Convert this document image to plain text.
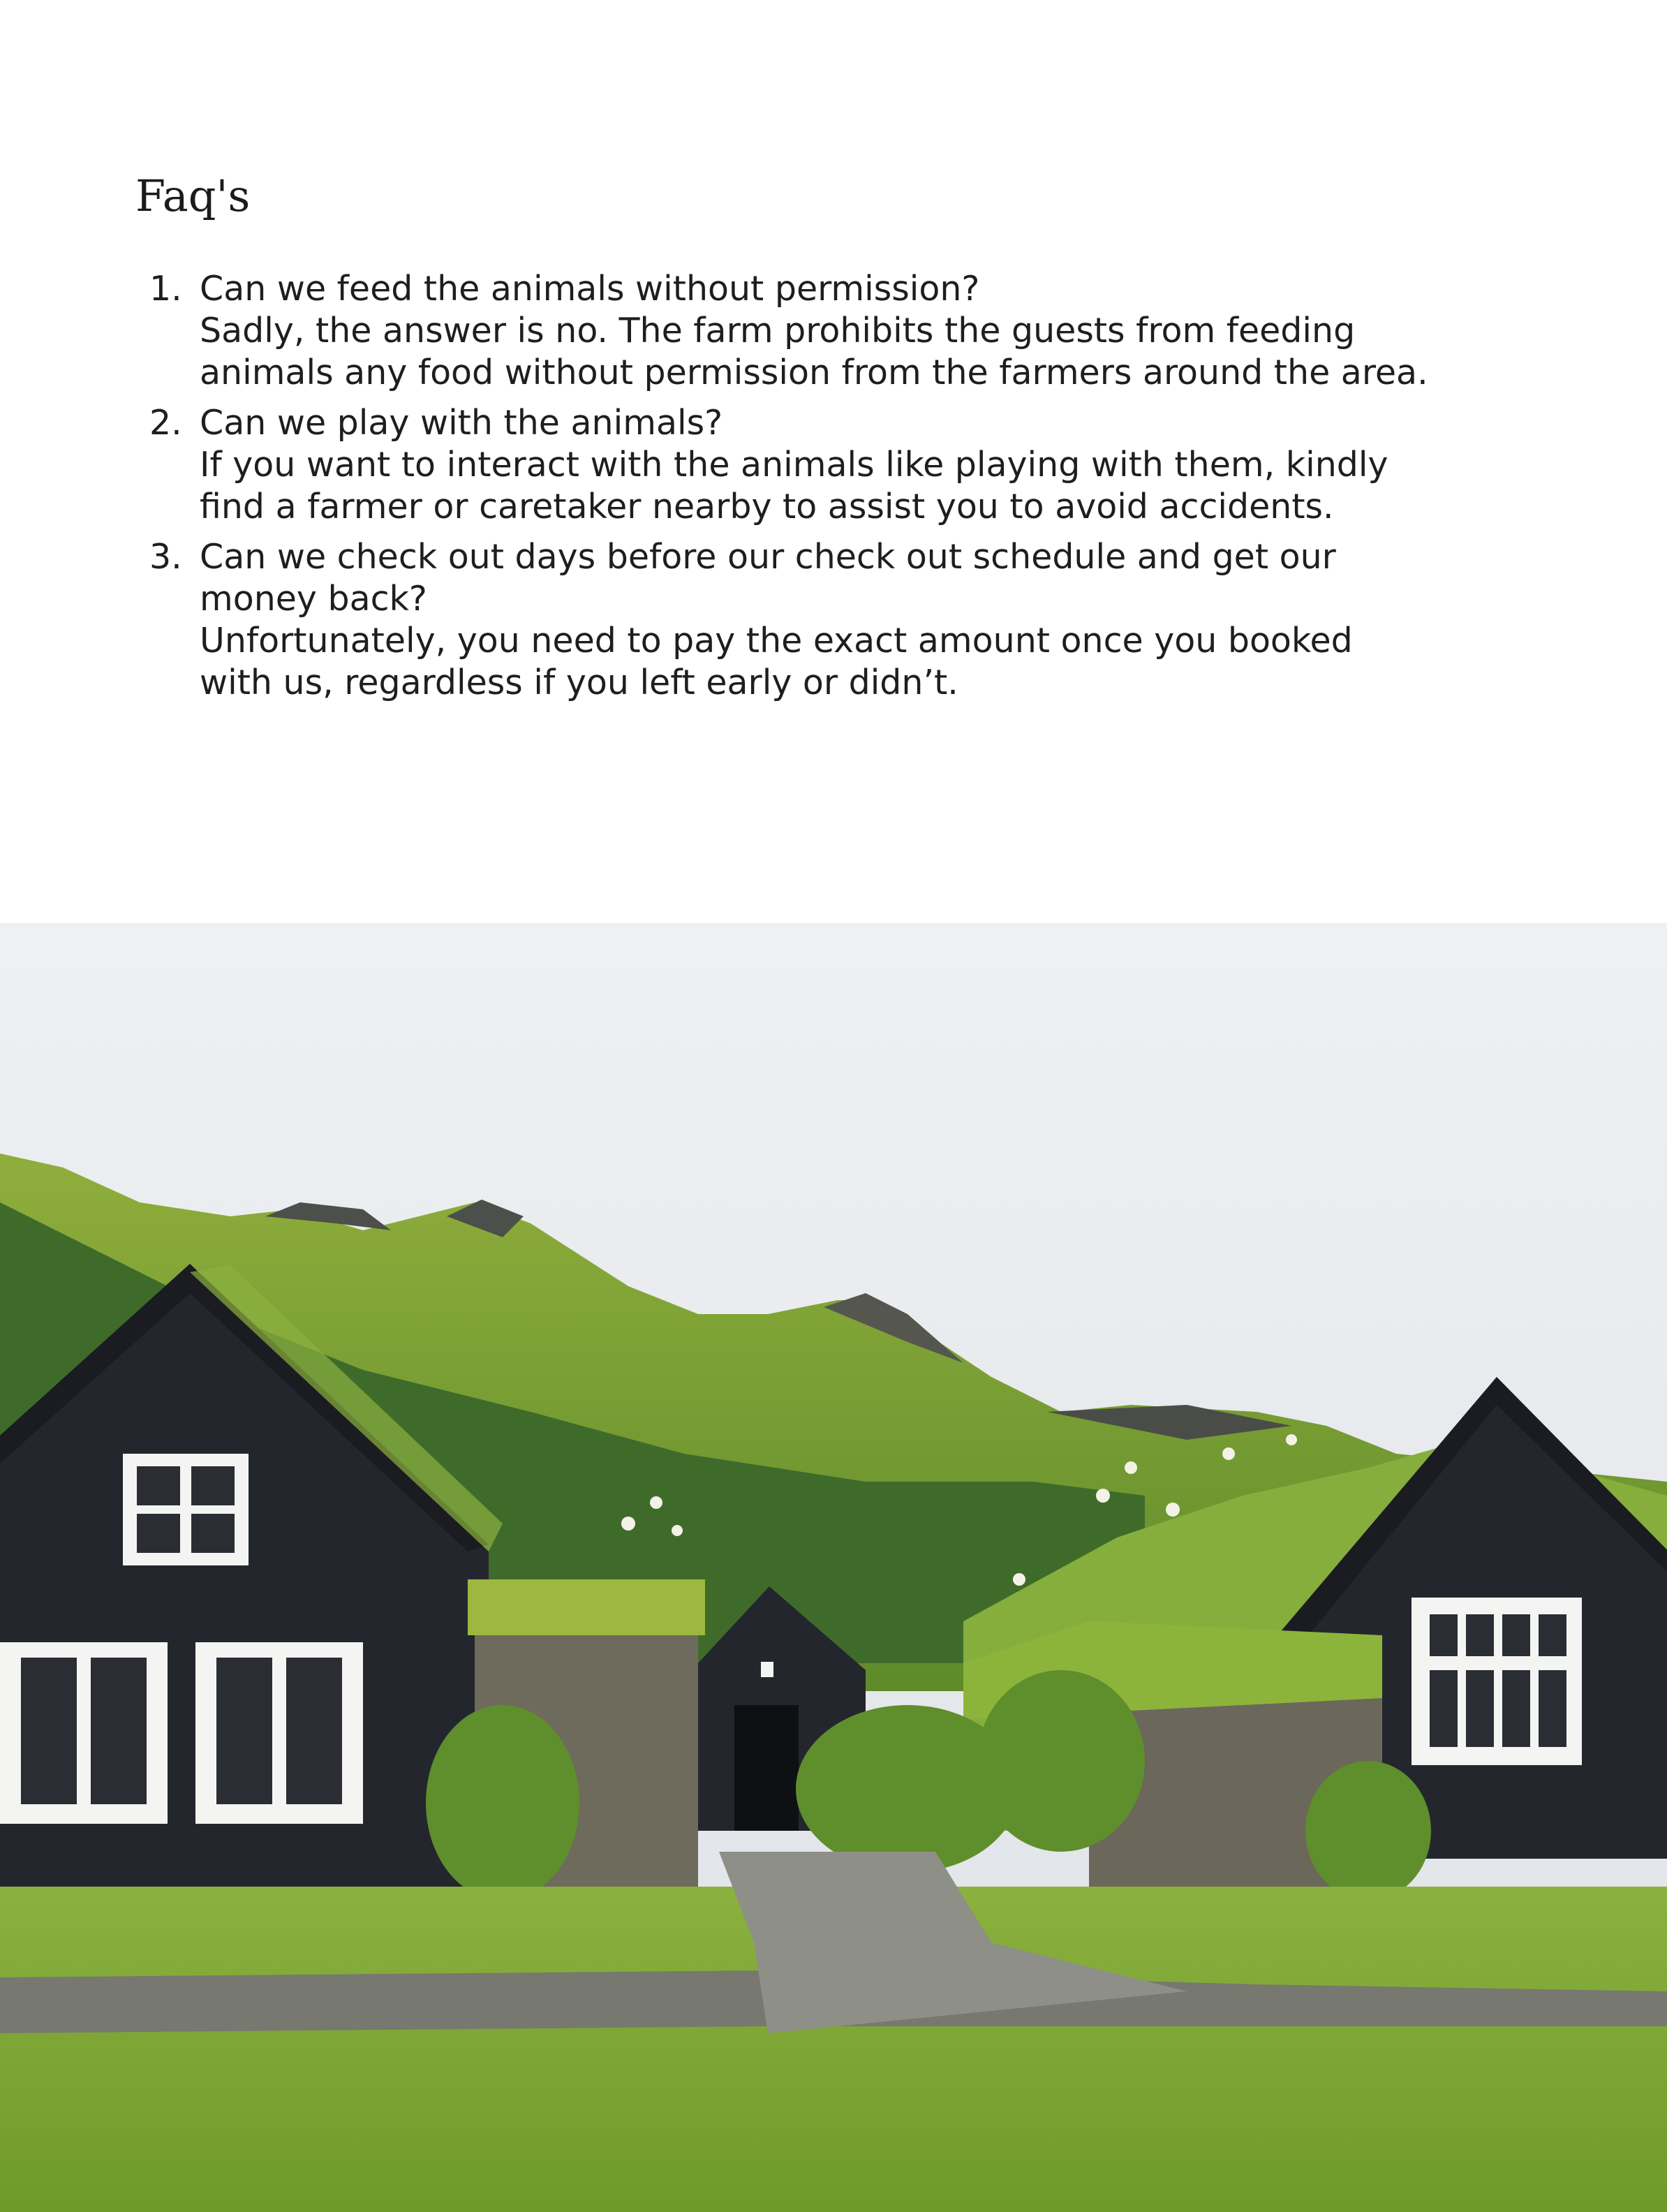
Faq's
1. Can we feed the animals without permission?
Sadly, the answer is no. The farm prohibits the guests from feeding animals any food without permission from the farmers around the area.
2. Can we play with the animals?
If you want to interact with the animals like playing with them, kindly find a farmer or caretaker nearby to assist you to avoid accidents.
3. Can we check out days before our check out schedule and get our money back?
Unfortunately, you need to pay the exact amount once you booked with us, regardless if you left early or didn’t.
